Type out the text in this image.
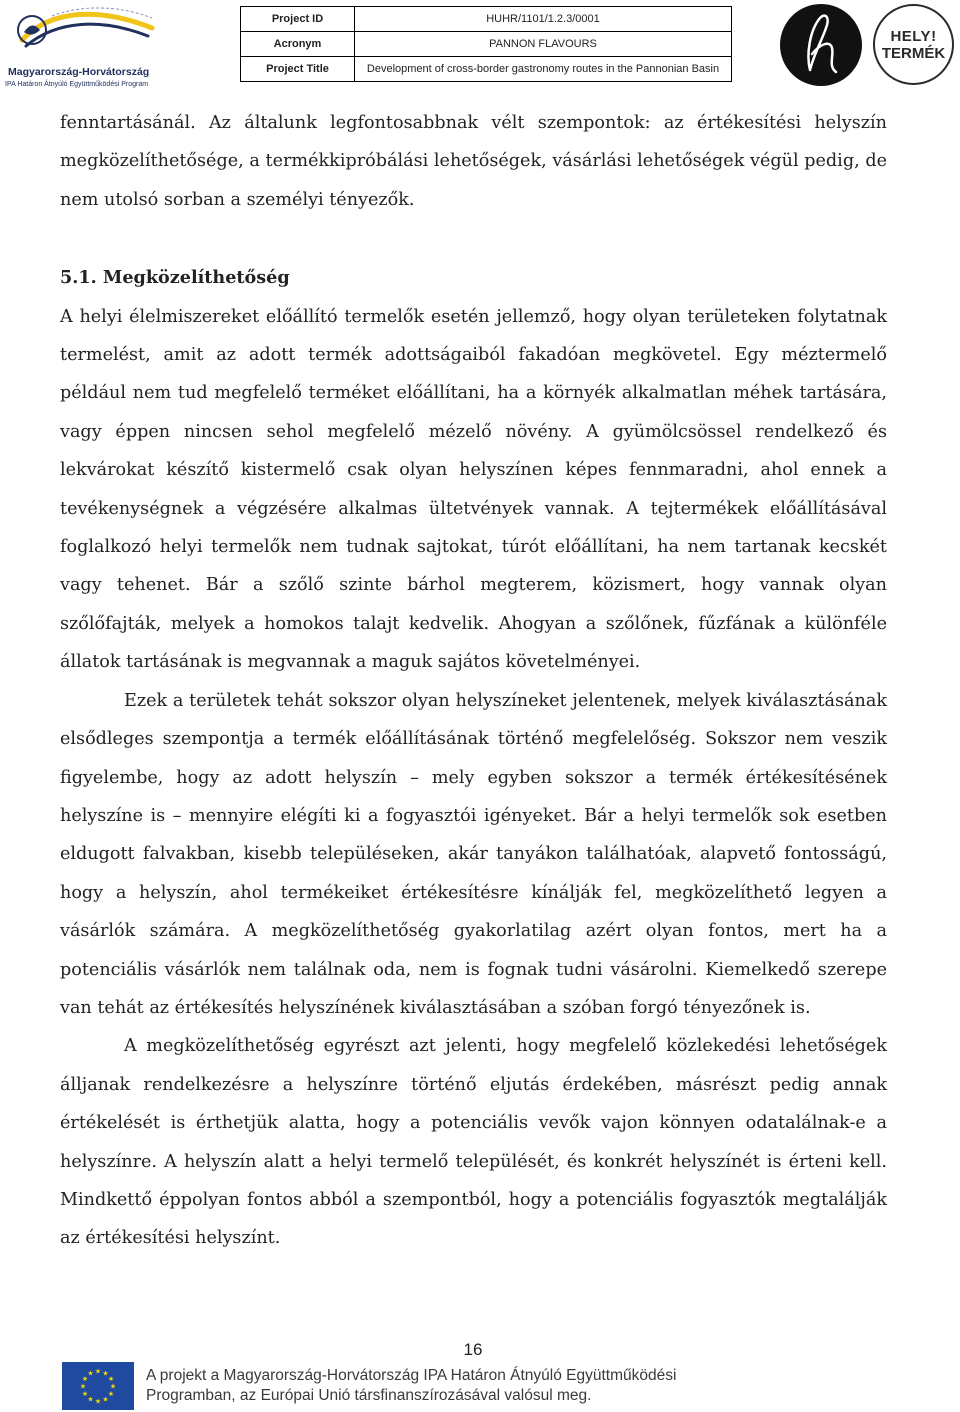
Magyarország-Horvátország
IPA Határon Átnyúló Együttműködési Program
Project ID	HUHR/1101/1.2.3/0001
Acronym	PANNON FLAVOURS
Project Title	Development of cross-border gastronomy routes in the Pannonian Basin
HELY!
TERMÉK

fenntartásánál. Az általunk legfontosabbnak vélt szempontok: az értékesítési helyszín megközelíthetősége, a termékkipróbálási lehetőségek, vásárlási lehetőségek végül pedig, de nem utolsó sorban a személyi tényezők.

5.1. Megközelíthetőség

A helyi élelmiszereket előállító termelők esetén jellemző, hogy olyan területeken folytatnak termelést, amit az adott termék adottságaiból fakadóan megkövetel. Egy méztermelő például nem tud megfelelő terméket előállítani, ha a környék alkalmatlan méhek tartására, vagy éppen nincsen sehol megfelelő mézelő növény. A gyümölcsössel rendelkező és lekvárokat készítő kistermelő csak olyan helyszínen képes fennmaradni, ahol ennek a tevékenységnek a végzésére alkalmas ültetvények vannak. A tejtermékek előállításával foglalkozó helyi termelők nem tudnak sajtokat, túrót előállítani, ha nem tartanak kecskét vagy tehenet. Bár a szőlő szinte bárhol megterem, közismert, hogy vannak olyan szőlőfajták, melyek a homokos talajt kedvelik. Ahogyan a szőlőnek, fűzfának a különféle állatok tartásának is megvannak a maguk sajátos követelményei.

Ezek a területek tehát sokszor olyan helyszíneket jelentenek, melyek kiválasztásának elsődleges szempontja a termék előállításának történő megfelelőség. Sokszor nem veszik figyelembe, hogy az adott helyszín – mely egyben sokszor a termék értékesítésének helyszíne is – mennyire elégíti ki a fogyasztói igényeket. Bár a helyi termelők sok esetben eldugott falvakban, kisebb településeken, akár tanyákon találhatóak, alapvető fontosságú, hogy a helyszín, ahol termékeiket értékesítésre kínálják fel, megközelíthető legyen a vásárlók számára. A megközelíthetőség gyakorlatilag azért olyan fontos, mert ha a potenciális vásárlók nem találnak oda, nem is fognak tudni vásárolni. Kiemelkedő szerepe van tehát az értékesítés helyszínének kiválasztásában a szóban forgó tényezőnek is.

A megközelíthetőség egyrészt azt jelenti, hogy megfelelő közlekedési lehetőségek álljanak rendelkezésre a helyszínre történő eljutás érdekében, másrészt pedig annak értékelését is érthetjük alatta, hogy a potenciális vevők vajon könnyen odatalálnak-e a helyszínre. A helyszín alatt a helyi termelő települését, és konkrét helyszínét is érteni kell. Mindkettő éppolyan fontos abból a szempontból, hogy a potenciális fogyasztók megtalálják az értékesítési helyszínt.

16
★ ★
★
★
★
★
★
★
★
★
★
★	A projekt a Magyarország-Horvátország IPA Határon Átnyúló Együttműködési
Programban, az Európai Unió társfinanszírozásával valósul meg.
